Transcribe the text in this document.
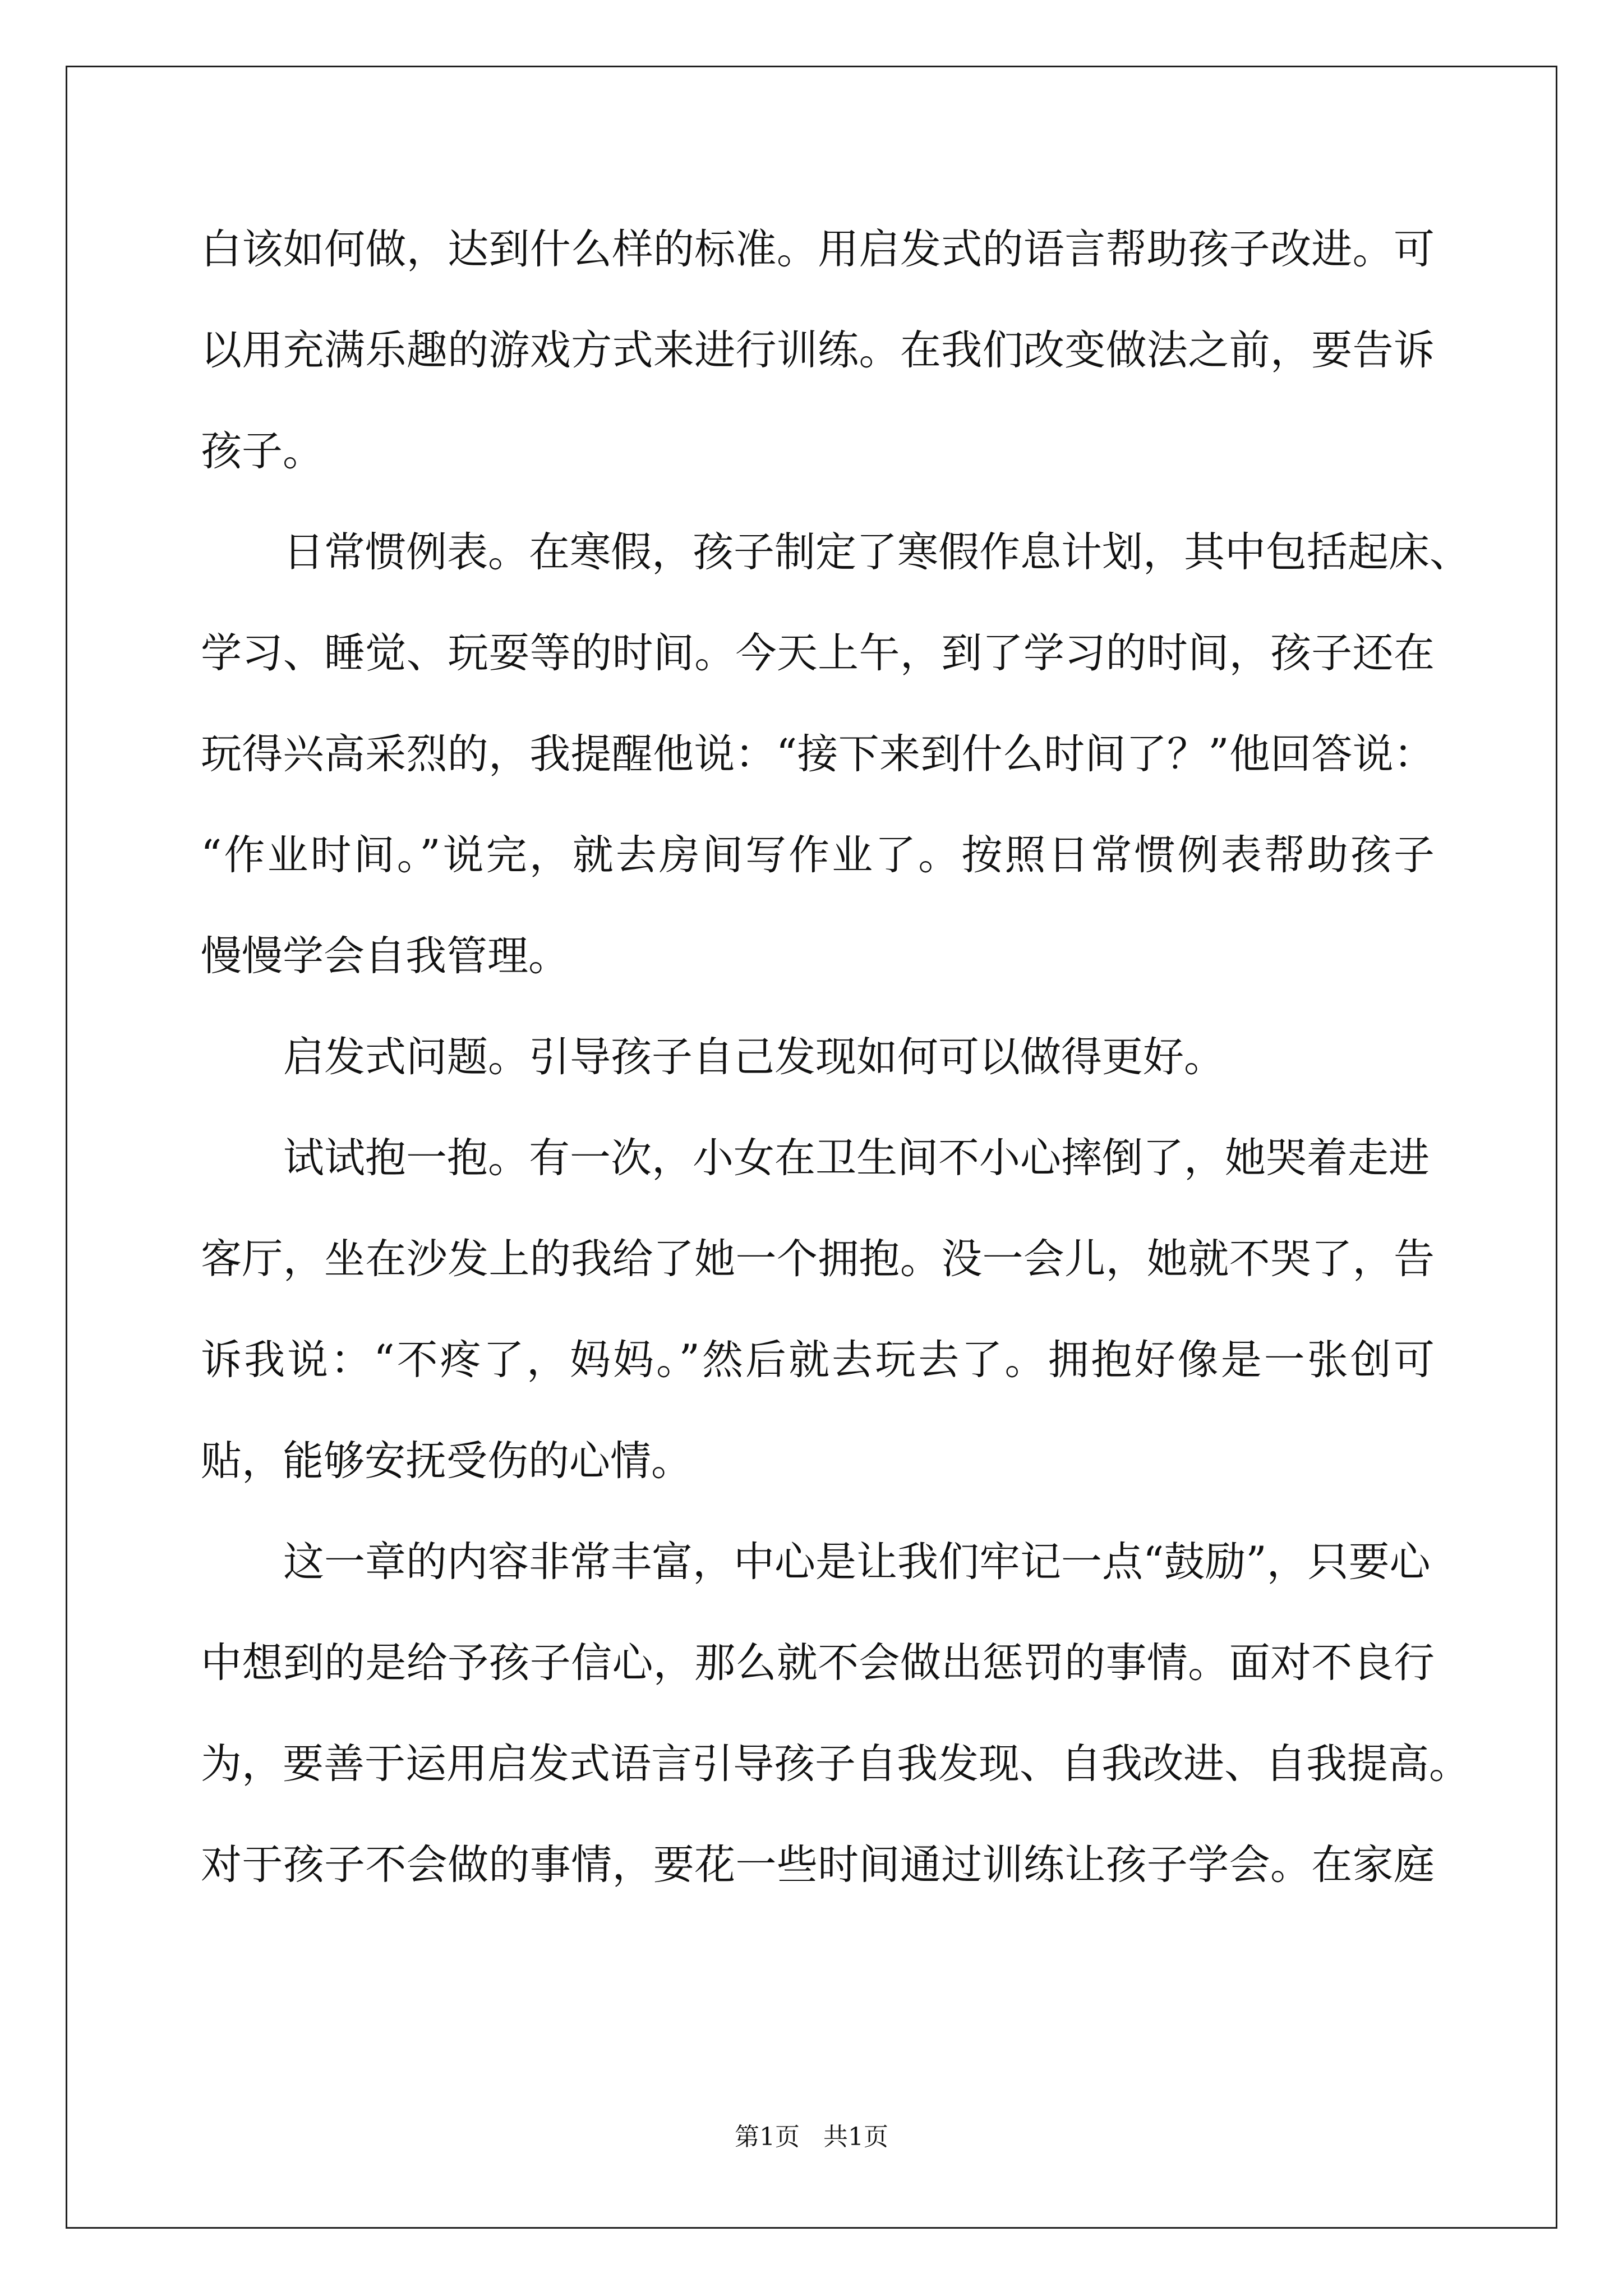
白该如何做，达到什么样的标准。用启发式的语言帮助孩子改进。可

以用充满乐趣的游戏方式来进行训练。在我们改变做法之前，要告诉

孩子。

日常惯例表。在寒假，孩子制定了寒假作息计划，其中包括起床、

学习、睡觉、玩耍等的时间。今天上午，到了学习的时间，孩子还在

玩得兴高采烈的，我提醒他说：“接下来到什么时间了？”他回答说：

“作业时间。”说完，就去房间写作业了。按照日常惯例表帮助孩子

慢慢学会自我管理。

启发式问题。引导孩子自己发现如何可以做得更好。

试试抱一抱。有一次，小女在卫生间不小心摔倒了，她哭着走进

客厅，坐在沙发上的我给了她一个拥抱。没一会儿，她就不哭了，告

诉我说：“不疼了，妈妈。”然后就去玩去了。拥抱好像是一张创可

贴，能够安抚受伤的心情。

这一章的内容非常丰富，中心是让我们牢记一点“鼓励”，只要心

中想到的是给予孩子信心，那么就不会做出惩罚的事情。面对不良行

为，要善于运用启发式语言引导孩子自我发现、自我改进、自我提高。

对于孩子不会做的事情，要花一些时间通过训练让孩子学会。在家庭

第1页   共1页
